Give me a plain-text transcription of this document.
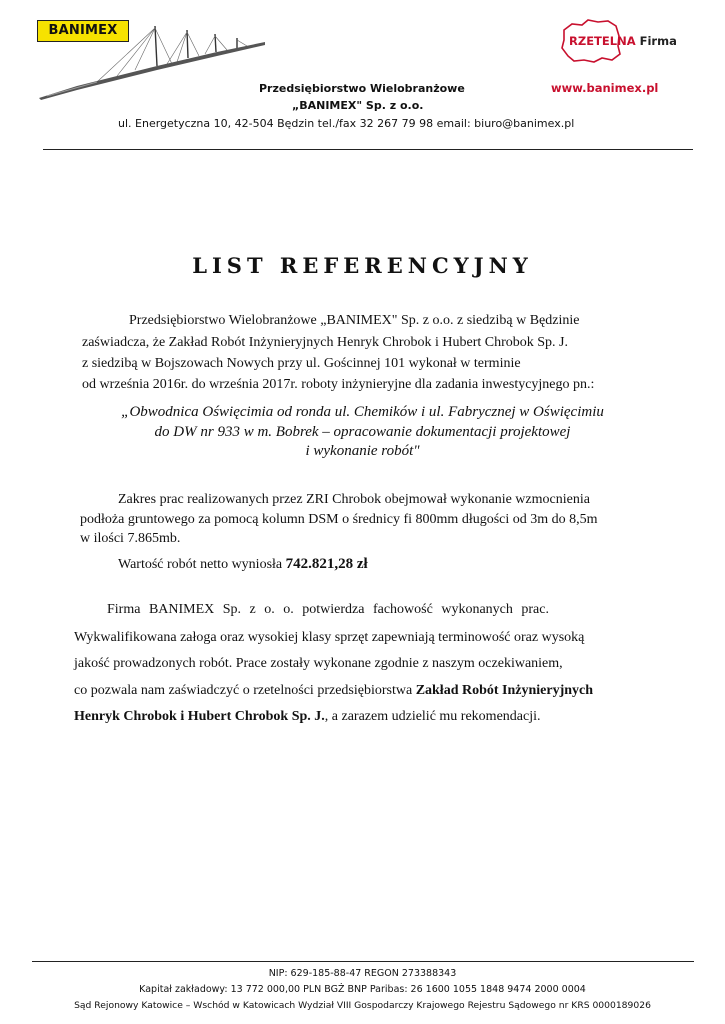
BANIMEX
Przedsiębiorstwo Wielobranżowe
„BANIMEX" Sp. z o.o.
ul. Energetyczna 10, 42-504 Będzin tel./fax 32 267 79 98 email: biuro@banimex.pl
RZETELNA Firma
www.banimex.pl
LIST REFERENCYJNY
Przedsiębiorstwo Wielobranżowe „BANIMEX" Sp. z o.o. z siedzibą w Będzinie
zaświadcza, że Zakład Robót Inżynieryjnych Henryk Chrobok i Hubert Chrobok Sp. J.
z siedzibą w Bojszowach Nowych przy ul. Gościnnej 101 wykonał w terminie
od września 2016r. do września 2017r. roboty inżynieryjne dla zadania inwestycyjnego pn.:
„Obwodnica Oświęcimia od ronda ul. Chemików i ul. Fabrycznej w Oświęcimiu
do DW nr 933 w m. Bobrek – opracowanie dokumentacji projektowej
i wykonanie robót"
Zakres prac realizowanych przez ZRI Chrobok obejmował wykonanie wzmocnienia
podłoża gruntowego za pomocą kolumn DSM o średnicy fi 800mm długości od 3m do 8,5m
w ilości 7.865mb.
Wartość robót netto wyniosła 742.821,28 zł
Firma BANIMEX Sp. z o. o. potwierdza fachowość wykonanych prac.
Wykwalifikowana załoga oraz wysokiej klasy sprzęt zapewniają terminowość oraz wysoką
jakość prowadzonych robót. Prace zostały wykonane zgodnie z naszym oczekiwaniem,
co pozwala nam zaświadczyć o rzetelności przedsiębiorstwa Zakład Robót Inżynieryjnych
Henryk Chrobok i Hubert Chrobok Sp. J., a zarazem udzielić mu rekomendacji.
NIP: 629-185-88-47 REGON 273388343
Kapitał zakładowy: 13 772 000,00 PLN BGŻ BNP Paribas: 26 1600 1055 1848 9474 2000 0004
Sąd Rejonowy Katowice – Wschód w Katowicach Wydział VIII Gospodarczy Krajowego Rejestru Sądowego nr KRS 0000189026
